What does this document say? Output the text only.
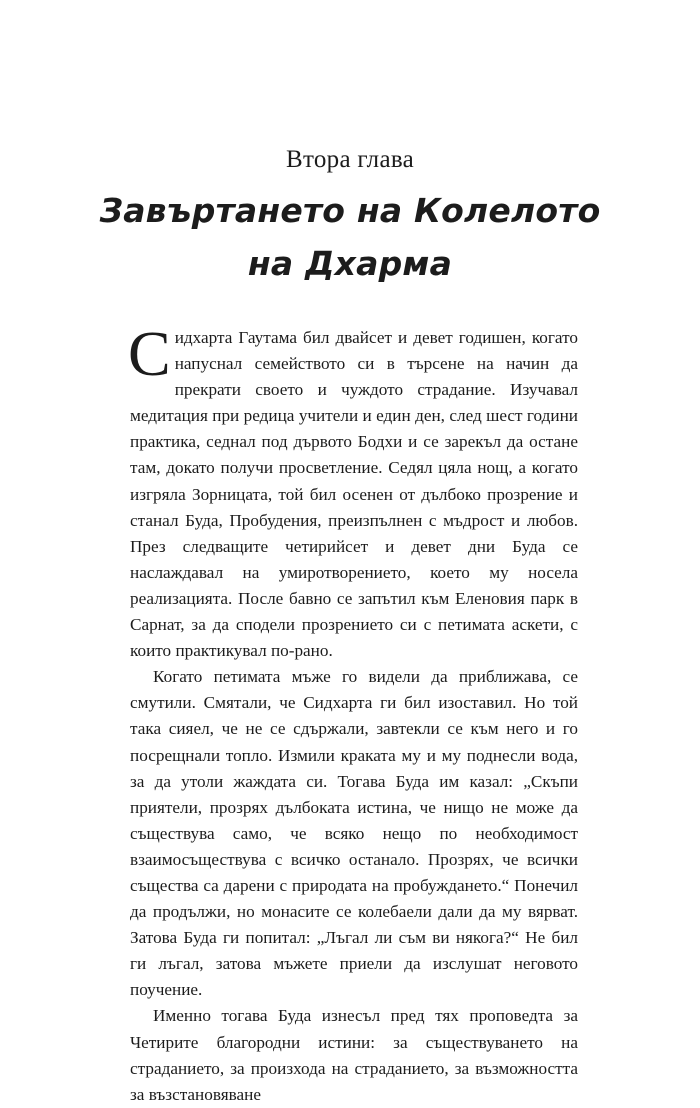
Втора глава
Завъртането на Колелото
на Дхарма

Сидхарта Гаутама бил двайсет и девет годишен, когато напуснал семейството си в търсене на начин да прекрати своето и чуждото страдание. Изучавал медитация при редица учители и един ден, след шест години практика, седнал под дървото Бодхи и се зарекъл да остане там, докато получи просветление. Седял цяла нощ, а когато изгряла Зорницата, той бил осенен от дълбоко прозрение и станал Буда, Пробудения, преизпълнен с мъдрост и любов. През следващите четирийсет и девет дни Буда се наслаждавал на умиротворението, което му носела реализацията. После бавно се запътил към Еленовия парк в Сарнат, за да сподели прозрението си с петимата аскети, с които практикувал по-рано.

Когато петимата мъже го видели да приближава, се смутили. Смятали, че Сидхарта ги бил изоставил. Но той така сияел, че не се сдържали, завтекли се към него и го посрещнали топло. Измили краката му и му поднесли вода, за да утоли жаждата си. Тогава Буда им казал: „Скъпи приятели, прозрях дълбоката истина, че нищо не може да съществува само, че всяко нещо по необходимост взаимосъществува с всичко останало. Прозрях, че всички същества са дарени с природата на пробуждането.“ Понечил да продължи, но монасите се колебаели дали да му вярват. Затова Буда ги попитал: „Лъгал ли съм ви някога?“ Не бил ги лъгал, затова мъжете приели да изслушат неговото поучение.

Именно тогава Буда изнесъл пред тях проповедта за Четирите благородни истини: за съществуването на страданието, за произхода на страданието, за възможността за възстановяване
